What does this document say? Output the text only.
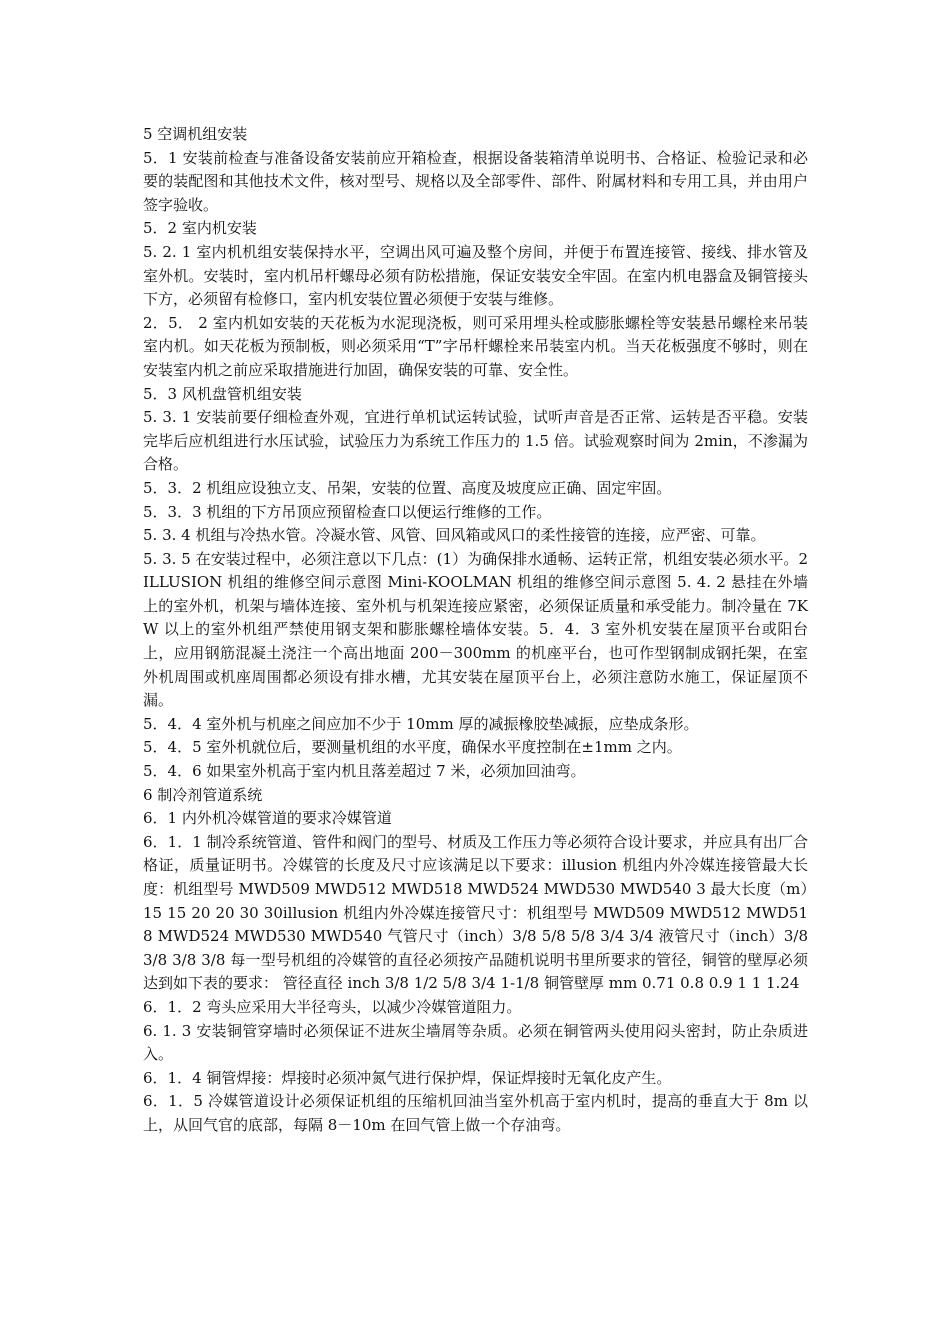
5 空调机组安装

5．1 安装前检查与准备设备安装前应开箱检查，根据设备装箱清单说明书、合格证、检验记录和必要的装配图和其他技术文件，核对型号、规格以及全部零件、部件、附属材料和专用工具，并由用户签字验收。

5．2 室内机安装

5. 2. 1 室内机机组安装保持水平，空调出风可遍及整个房间，并便于布置连接管、接线、排水管及室外机。安装时，室内机吊杆螺母必须有防松措施，保证安装安全牢固。在室内机电器盒及铜管接头下方，必须留有检修口，室内机安装位置必须便于安装与维修。

2．5． 2 室内机如安装的天花板为水泥现浇板，则可采用埋头栓或膨胀螺栓等安装悬吊螺栓来吊装室内机。如天花板为预制板，则必须采用“T”字吊杆螺栓来吊装室内机。当天花板强度不够时，则在安装室内机之前应采取措施进行加固，确保安装的可靠、安全性。

5．3 风机盘管机组安装

5. 3. 1 安装前要仔细检查外观，宜进行单机试运转试验，试听声音是否正常、运转是否平稳。安装完毕后应机组进行水压试验，试验压力为系统工作压力的 1.5 倍。试验观察时间为 2min，不渗漏为合格。

5．3．2 机组应设独立支、吊架，安装的位置、高度及坡度应正确、固定牢固。

5．3．3 机组的下方吊顶应预留检查口以便运行维修的工作。

5. 3. 4 机组与冷热水管。冷凝水管、风管、回风箱或风口的柔性接管的连接，应严密、可靠。

5. 3. 5 在安装过程中，必须注意以下几点：(1）为确保排水通畅、运转正常，机组安装必须水平。2 ILLUSION 机组的维修空间示意图 Mini-KOOLMAN 机组的维修空间示意图 5. 4. 2 悬挂在外墙上的室外机，机架与墙体连接、室外机与机架连接应紧密，必须保证质量和承受能力。制冷量在 7KW 以上的室外机组严禁使用钢支架和膨胀螺栓墙体安装。5．4．3 室外机安装在屋顶平台或阳台上，应用钢筋混凝土浇注一个高出地面 200－300mm 的机座平台，也可作型钢制成钢托架，在室外机周围或机座周围都必须设有排水槽，尤其安装在屋顶平台上，必须注意防水施工，保证屋顶不漏。

5．4．4 室外机与机座之间应加不少于 10mm 厚的减振橡胶垫减振，应垫成条形。

5．4．5 室外机就位后，要测量机组的水平度，确保水平度控制在±1mm 之内。

5．4．6 如果室外机高于室内机且落差超过 7 米，必须加回油弯。

6 制冷剂管道系统

6．1 内外机冷媒管道的要求冷媒管道

6．1．1 制冷系统管道、管件和阀门的型号、材质及工作压力等必须符合设计要求，并应具有出厂合格证，质量证明书。冷媒管的长度及尺寸应该满足以下要求：illusion 机组内外冷媒连接管最大长度：机组型号 MWD509 MWD512 MWD518 MWD524 MWD530 MWD540 3 最大长度（m）15 15 20 20 30 30illusion 机组内外冷媒连接管尺寸：机组型号 MWD509 MWD512 MWD518 MWD524 MWD530 MWD540 气管尺寸（inch）3/8 5/8 5/8 3/4 3/4 液管尺寸（inch）3/8 3/8 3/8 3/8 每一型号机组的冷媒管的直径必须按产品随机说明书里所要求的管径，铜管的壁厚必须达到如下表的要求： 管径直径 inch 3/8 1/2 5/8 3/4 1-1/8 铜管壁厚 mm 0.71 0.8 0.9 1 1 1.24

6．1．2 弯头应采用大半径弯头，以减少冷媒管道阻力。

6. 1. 3 安装铜管穿墙时必须保证不进灰尘墙屑等杂质。必须在铜管两头使用闷头密封，防止杂质进入。

6．1．4 铜管焊接：焊接时必须冲氮气进行保护焊，保证焊接时无氧化皮产生。

6．1．5 冷媒管道设计必须保证机组的压缩机回油当室外机高于室内机时，提高的垂直大于 8m 以上，从回气官的底部，每隔 8－10m 在回气管上做一个存油弯。
